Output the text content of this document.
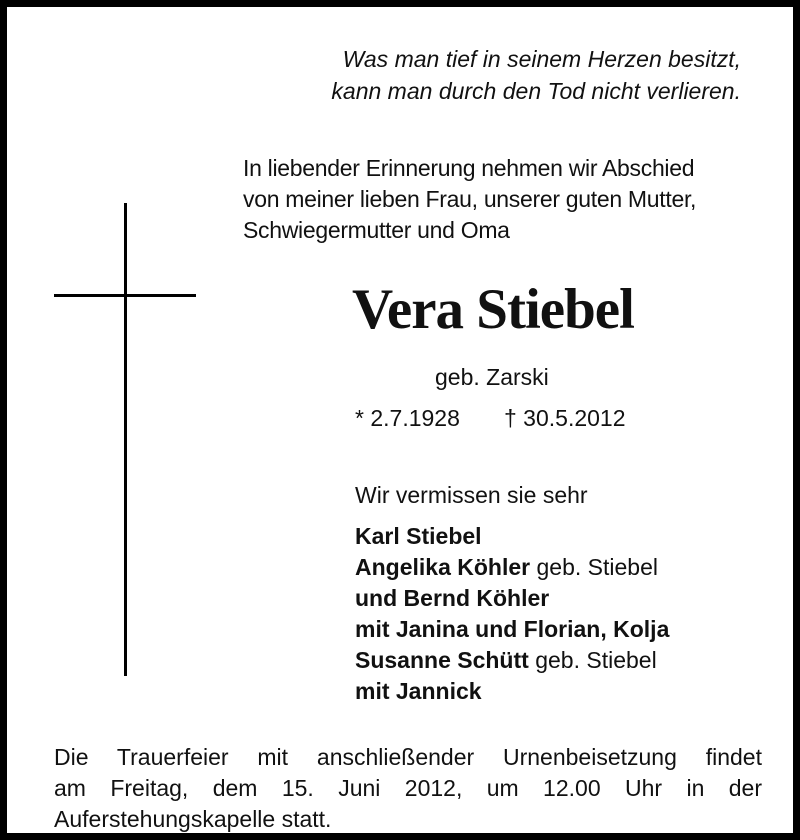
Was man tief in seinem Herzen besitzt,
kann man durch den Tod nicht verlieren.
In liebender Erinnerung nehmen wir Abschied
von meiner lieben Frau, unserer guten Mutter,
Schwiegermutter und Oma
Vera Stiebel
geb. Zarski
* 2.7.1928 † 30.5.2012
Wir vermissen sie sehr
Karl Stiebel
Angelika Köhler geb. Stiebel
und Bernd Köhler
mit Janina und Florian, Kolja
Susanne Schütt geb. Stiebel
mit Jannick
Die Trauerfeier mit anschließender Urnenbeisetzung findet
am Freitag, dem 15. Juni 2012, um 12.00 Uhr in der
Auferstehungskapelle statt.
